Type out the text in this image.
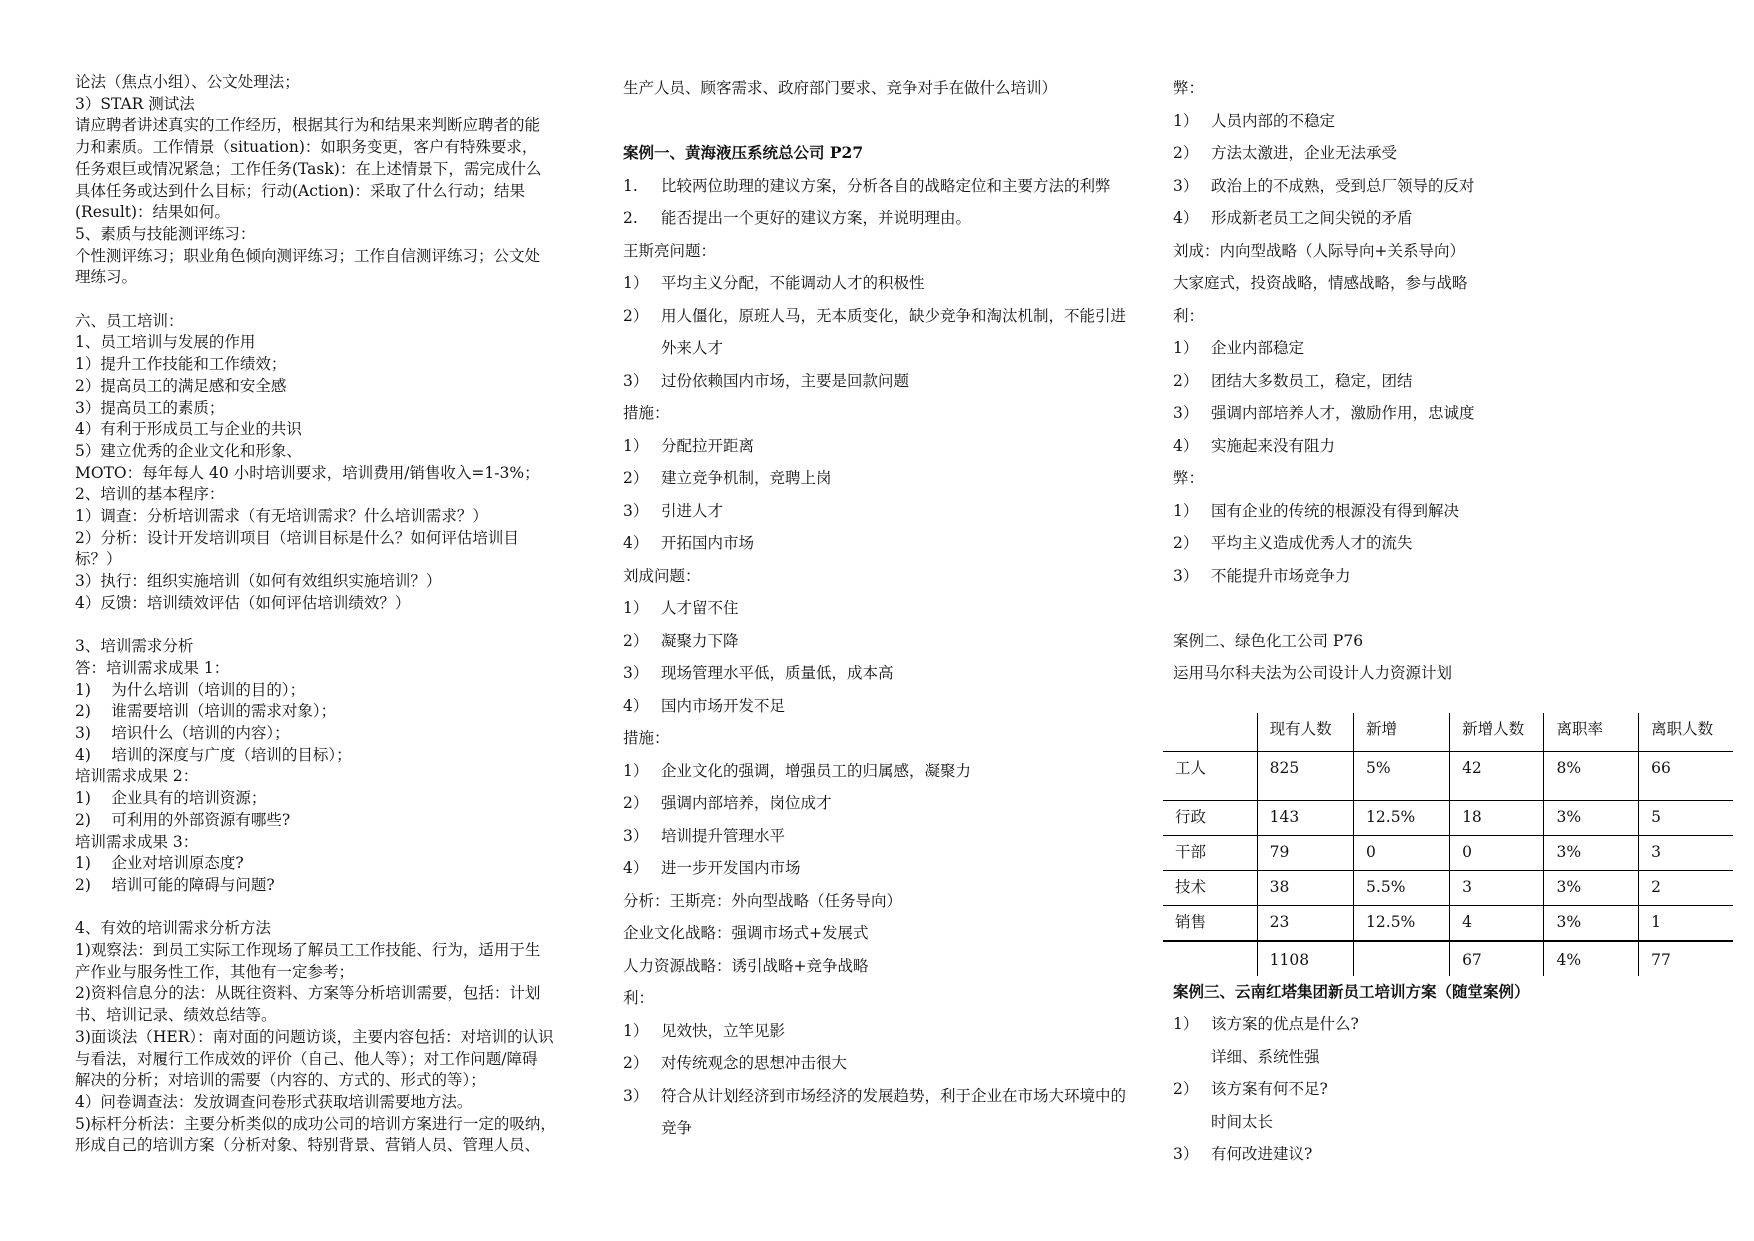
论法（焦点小组）、公文处理法；
3）STAR 测试法
请应聘者讲述真实的工作经历，根据其行为和结果来判断应聘者的能
力和素质。工作情景（situation)：如职务变更，客户有特殊要求，
任务艰巨或情况紧急；工作任务(Task)：在上述情景下，需完成什么
具体任务或达到什么目标；行动(Action)：采取了什么行动；结果
(Result)：结果如何。
5、素质与技能测评练习：
个性测评练习；职业角色倾向测评练习；工作自信测评练习；公文处
理练习。
六、员工培训：
1、员工培训与发展的作用
1）提升工作技能和工作绩效；
2）提高员工的满足感和安全感
3）提高员工的素质；
4）有利于形成员工与企业的共识
5）建立优秀的企业文化和形象、
MOTO：每年每人 40 小时培训要求，培训费用/销售收入=1-3%；
2、培训的基本程序：
1）调查：分析培训需求（有无培训需求？什么培训需求？）
2）分析：设计开发培训项目（培训目标是什么？如何评估培训目
标？）
3）执行：组织实施培训（如何有效组织实施培训？）
4）反馈：培训绩效评估（如何评估培训绩效？）
3、培训需求分析
答：培训需求成果 1：
1)　 为什么培训（培训的目的）；
2)　 谁需要培训（培训的需求对象）；
3)　 培识什么（培训的内容）；
4)　 培训的深度与广度（培训的目标）；
培训需求成果 2：
1)　 企业具有的培训资源；
2)　 可利用的外部资源有哪些?
培训需求成果 3：
1)　 企业对培训原态度?
2)　 培训可能的障碍与问题?
4、有效的培训需求分析方法
1)观察法：到员工实际工作现场了解员工工作技能、行为，适用于生
产作业与服务性工作，其他有一定参考；
2)资料信息分的法：从既往资料、方案等分析培训需要，包括：计划
书、培训记录、绩效总结等。
3)面谈法（HER）：南对面的问题访谈，主要内容包括：对培训的认识
与看法，对履行工作成效的评价（自己、他人等）；对工作问题/障碍
解决的分析；对培训的需要（内容的、方式的、形式的等）；
4）问卷调查法：发放调查问卷形式获取培训需要地方法。
5)标杆分析法：主要分析类似的成功公司的培训方案进行一定的吸纳，
形成自己的培训方案（分析对象、特别背景、营销人员、管理人员、
生产人员、顾客需求、政府部门要求、竞争对手在做什么培训）
案例一、黄海液压系统总公司 P27
1.	比较两位助理的建议方案，分析各自的战略定位和主要方法的利弊
2.	能否提出一个更好的建议方案，并说明理由。
王斯亮问题：
1） 平均主义分配，不能调动人才的积极性
2） 用人僵化，原班人马，无本质变化，缺少竞争和淘汰机制，不能引进外来人才
3） 过份依赖国内市场，主要是回款问题
措施：
1） 分配拉开距离
2） 建立竞争机制，竞聘上岗
3） 引进人才
4） 开拓国内市场
刘成问题：
1） 人才留不住
2） 凝聚力下降
3） 现场管理水平低，质量低，成本高
4） 国内市场开发不足
措施：
1） 企业文化的强调，增强员工的归属感，凝聚力
2） 强调内部培养，岗位成才
3） 培训提升管理水平
4） 进一步开发国内市场
分析：王斯亮：外向型战略（任务导向）
企业文化战略：强调市场式+发展式
人力资源战略：诱引战略+竞争战略
利：
1） 见效快，立竿见影
2） 对传统观念的思想冲击很大
3） 符合从计划经济到市场经济的发展趋势，利于企业在市场大环境中的竞争
弊：
1） 人员内部的不稳定
2） 方法太激进，企业无法承受
3） 政治上的不成熟，受到总厂领导的反对
4） 形成新老员工之间尖锐的矛盾
刘成：内向型战略（人际导向+关系导向）
大家庭式，投资战略，情感战略，参与战略
利：
1） 企业内部稳定
2） 团结大多数员工，稳定，团结
3） 强调内部培养人才，激励作用，忠诚度
4） 实施起来没有阻力
弊：
1） 国有企业的传统的根源没有得到解决
2） 平均主义造成优秀人才的流失
3） 不能提升市场竞争力
案例二、绿色化工公司 P76
运用马尔科夫法为公司设计人力资源计划
	现有人数	新增	新增人数	离职率	离职人数
工人	825	5%	42	8%	66
行政	143	12.5%	18	3%	5
干部	79	0	0	3%	3
技术	38	5.5%	3	3%	2
销售	23	12.5%	4	3%	1
	1108		67	4%	77
案例三、云南红塔集团新员工培训方案（随堂案例）
1） 该方案的优点是什么?
详细、系统性强
2） 该方案有何不足?
时间太长
3） 有何改进建议?
